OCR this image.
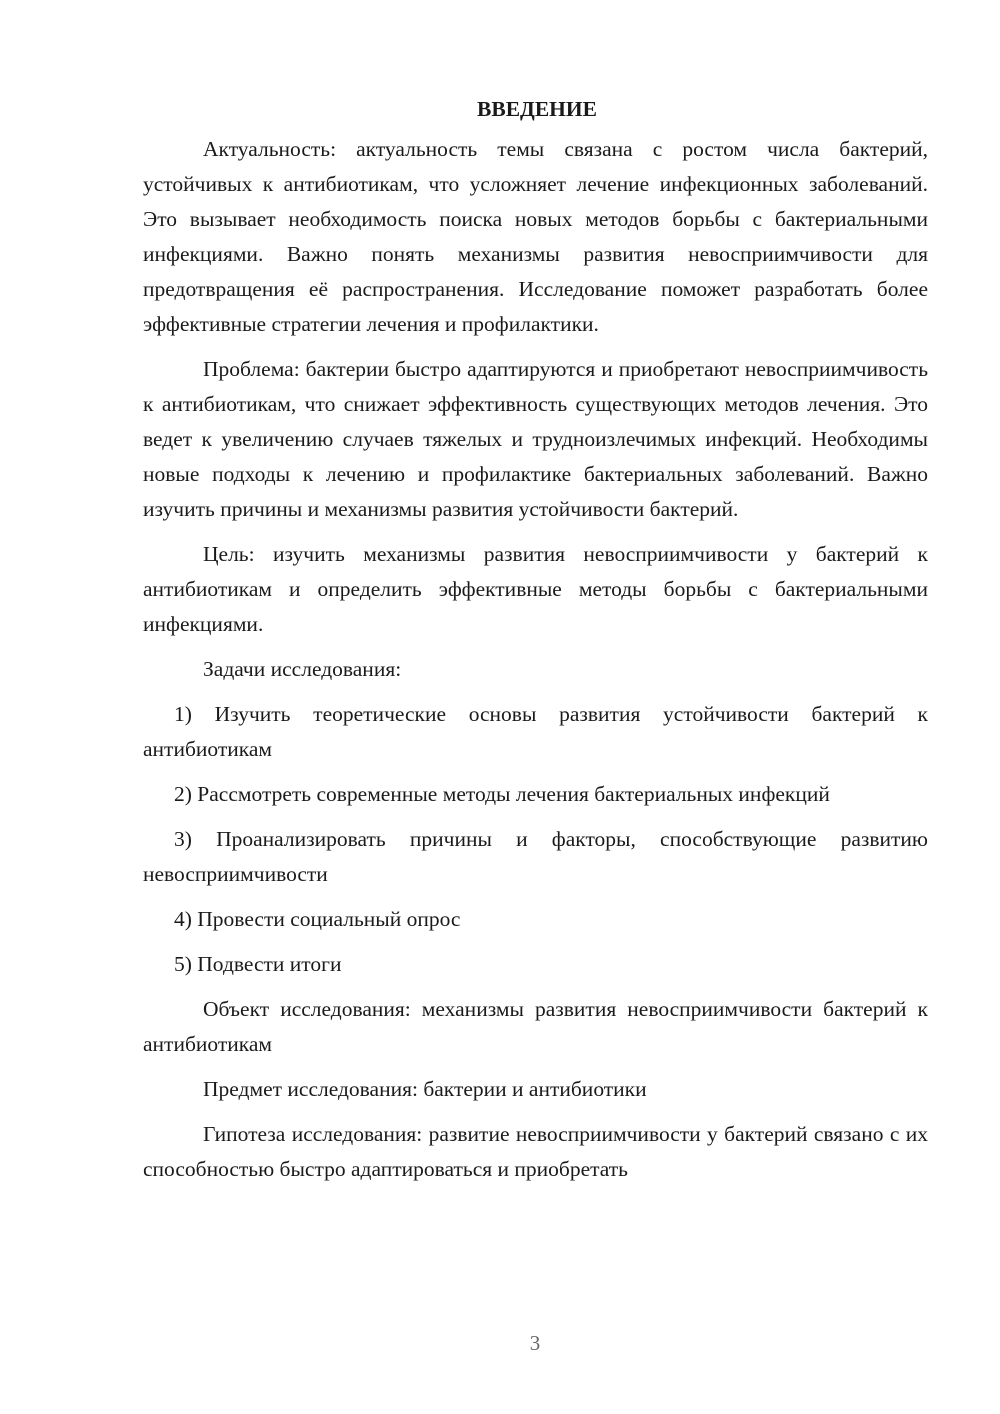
ВВЕДЕНИЕ

Актуальность: актуальность темы связана с ростом числа бактерий, устойчивых к антибиотикам, что усложняет лечение инфекционных заболеваний. Это вызывает необходимость поиска новых методов борьбы с бактериальными инфекциями. Важно понять механизмы развития невосприимчивости для предотвращения её распространения. Исследование поможет разработать более эффективные стратегии лечения и профилактики.

Проблема: бактерии быстро адаптируются и приобретают невосприимчивость к антибиотикам, что снижает эффективность существующих методов лечения. Это ведет к увеличению случаев тяжелых и трудноизлечимых инфекций. Необходимы новые подходы к лечению и профилактике бактериальных заболеваний. Важно изучить причины и механизмы развития устойчивости бактерий.

Цель: изучить механизмы развития невосприимчивости у бактерий к антибиотикам и определить эффективные методы борьбы с бактериальными инфекциями.

Задачи исследования:

1) Изучить теоретические основы развития устойчивости бактерий к антибиотикам

2) Рассмотреть современные методы лечения бактериальных инфекций

3) Проанализировать причины и факторы, способствующие развитию невосприимчивости

4) Провести социальный опрос

5) Подвести итоги

Объект исследования: механизмы развития невосприимчивости бактерий к антибиотикам

Предмет исследования: бактерии и антибиотики

Гипотеза исследования: развитие невосприимчивости у бактерий связано с их способностью быстро адаптироваться и приобретать

3
